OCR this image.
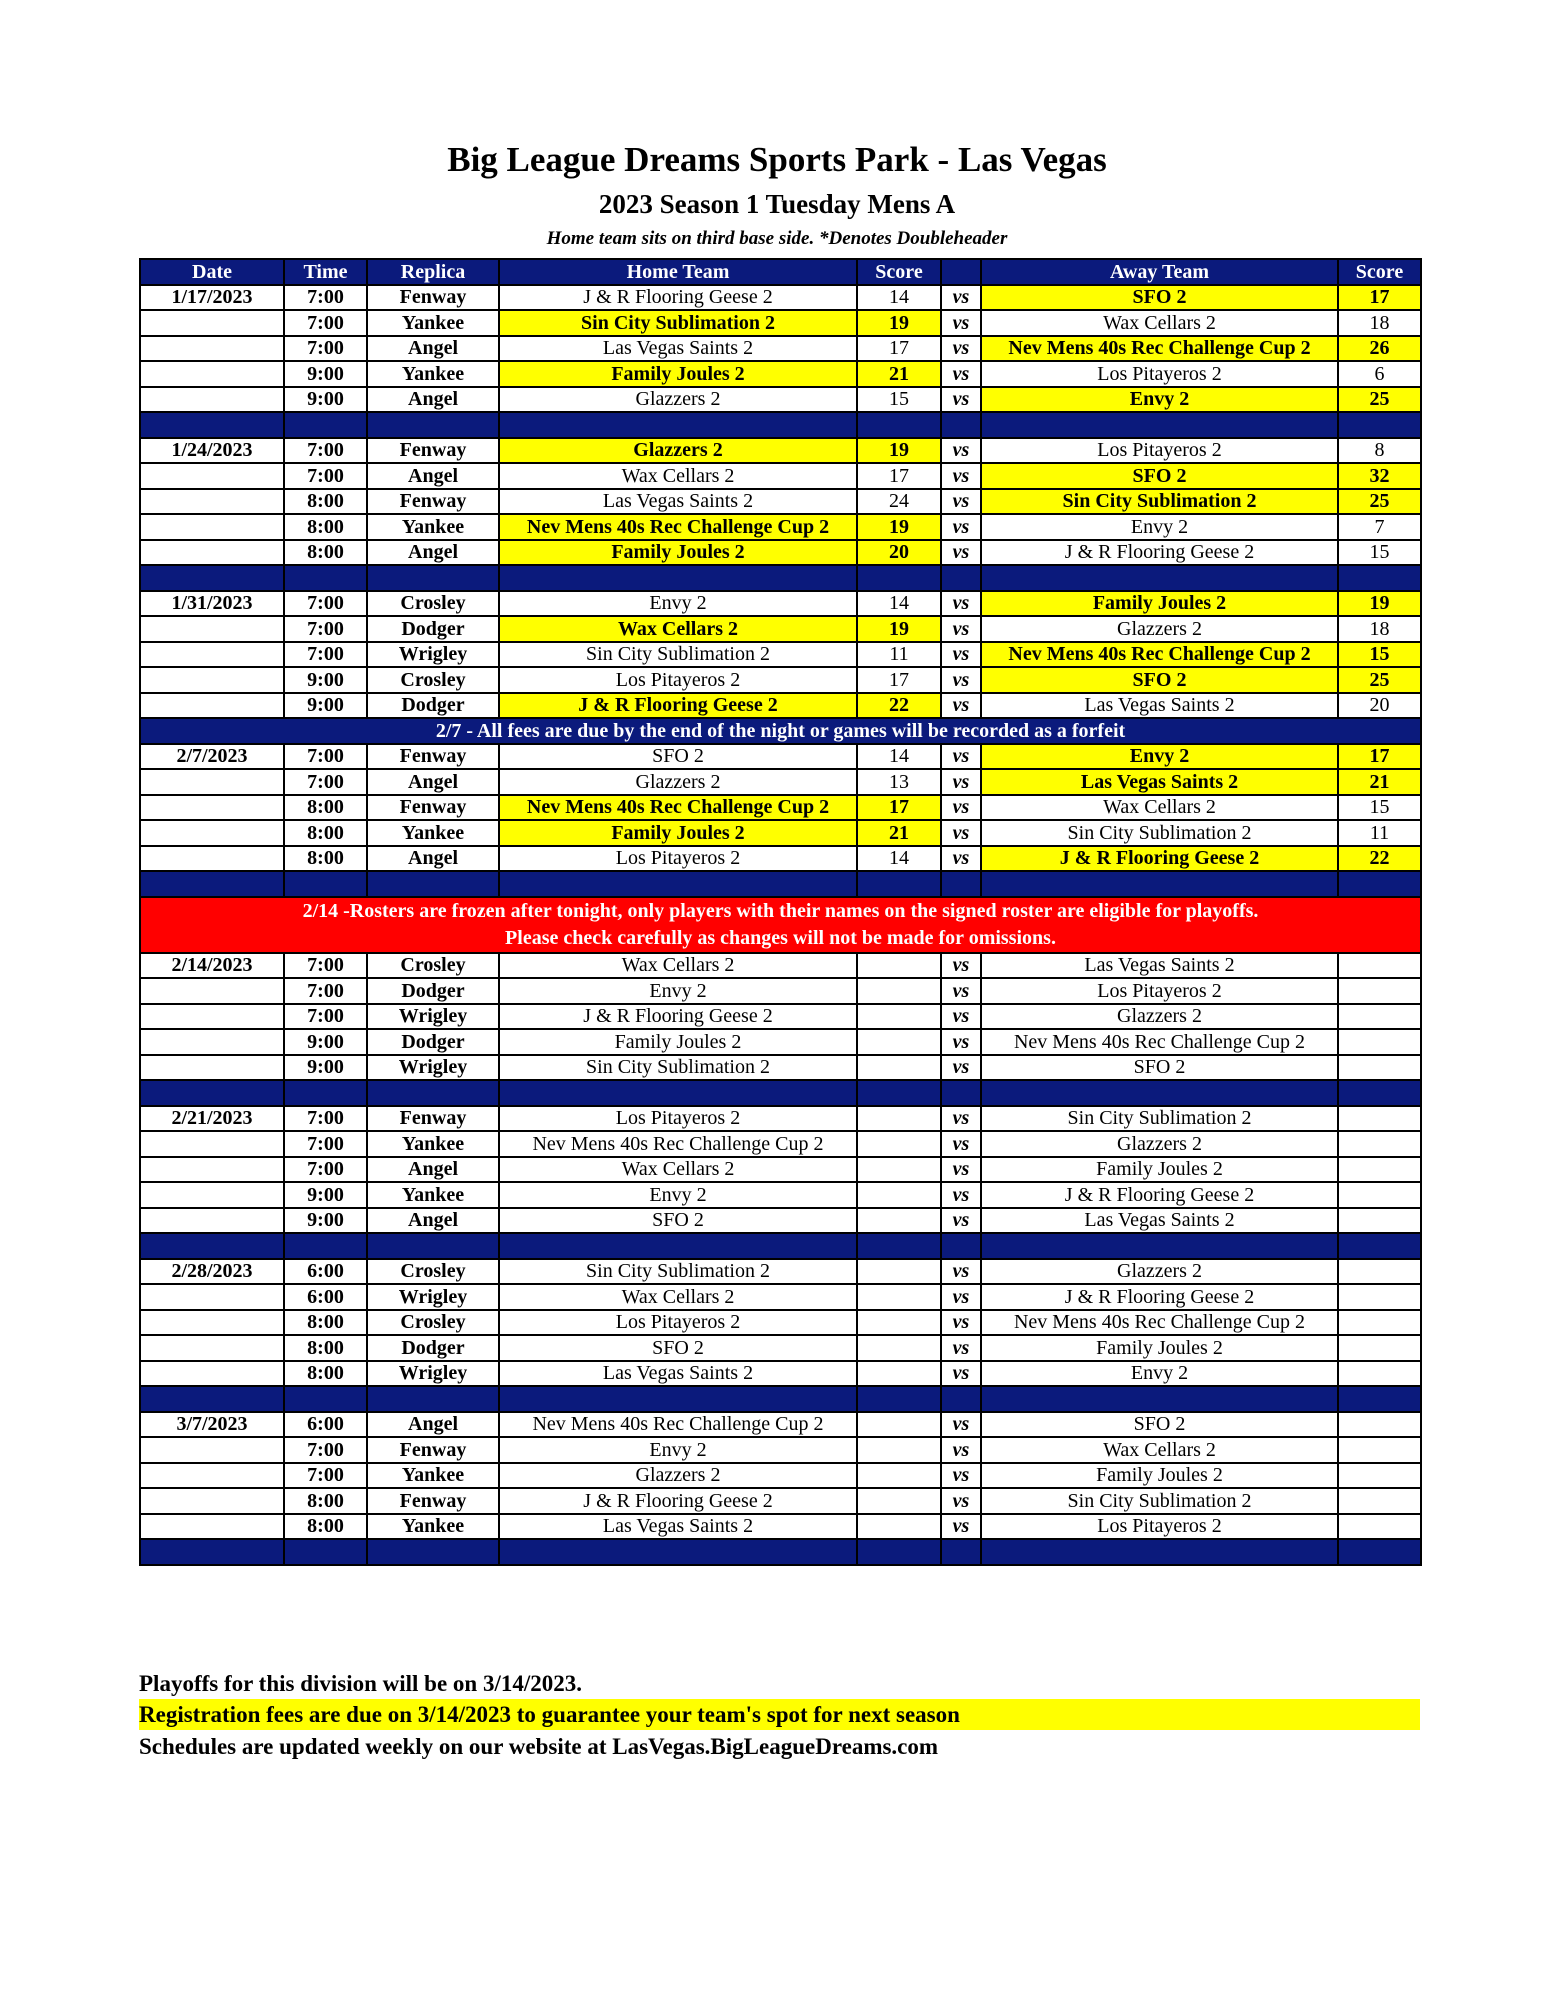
Big League Dreams Sports Park - Las Vegas
2023 Season 1 Tuesday Mens A
Home team sits on third base side. *Denotes Doubleheader
Date	Time	Replica	Home Team	Score		Away Team	Score
1/17/2023	7:00	Fenway	J & R Flooring Geese 2	14	vs	SFO 2	17
	7:00	Yankee	Sin City Sublimation 2	19	vs	Wax Cellars 2	18
	7:00	Angel	Las Vegas Saints 2	17	vs	Nev Mens 40s Rec Challenge Cup 2	26
	9:00	Yankee	Family Joules 2	21	vs	Los Pitayeros 2	6
	9:00	Angel	Glazzers 2	15	vs	Envy 2	25

1/24/2023	7:00	Fenway	Glazzers 2	19	vs	Los Pitayeros 2	8
	7:00	Angel	Wax Cellars 2	17	vs	SFO 2	32
	8:00	Fenway	Las Vegas Saints 2	24	vs	Sin City Sublimation 2	25
	8:00	Yankee	Nev Mens 40s Rec Challenge Cup 2	19	vs	Envy 2	7
	8:00	Angel	Family Joules 2	20	vs	J & R Flooring Geese 2	15

1/31/2023	7:00	Crosley	Envy 2	14	vs	Family Joules 2	19
	7:00	Dodger	Wax Cellars 2	19	vs	Glazzers 2	18
	7:00	Wrigley	Sin City Sublimation 2	11	vs	Nev Mens 40s Rec Challenge Cup 2	15
	9:00	Crosley	Los Pitayeros 2	17	vs	SFO 2	25
	9:00	Dodger	J & R Flooring Geese 2	22	vs	Las Vegas Saints 2	20
2/7 - All fees are due by the end of the night or games will be recorded as a forfeit							
2/7/2023	7:00	Fenway	SFO 2	14	vs	Envy 2	17
	7:00	Angel	Glazzers 2	13	vs	Las Vegas Saints 2	21
	8:00	Fenway	Nev Mens 40s Rec Challenge Cup 2	17	vs	Wax Cellars 2	15
	8:00	Yankee	Family Joules 2	21	vs	Sin City Sublimation 2	11
	8:00	Angel	Los Pitayeros 2	14	vs	J & R Flooring Geese 2	22

2/14 -Rosters are frozen after tonight, only players with their names on the signed roster are eligible for playoffs.
Please check carefully as changes will not be made for omissions.							

2/14/2023	7:00	Crosley	Wax Cellars 2		vs	Las Vegas Saints 2	
	7:00	Dodger	Envy 2		vs	Los Pitayeros 2	
	7:00	Wrigley	J & R Flooring Geese 2		vs	Glazzers 2	
	9:00	Dodger	Family Joules 2		vs	Nev Mens 40s Rec Challenge Cup 2	
	9:00	Wrigley	Sin City Sublimation 2		vs	SFO 2	

2/21/2023	7:00	Fenway	Los Pitayeros 2		vs	Sin City Sublimation 2	
	7:00	Yankee	Nev Mens 40s Rec Challenge Cup 2		vs	Glazzers 2	
	7:00	Angel	Wax Cellars 2		vs	Family Joules 2	
	9:00	Yankee	Envy 2		vs	J & R Flooring Geese 2	
	9:00	Angel	SFO 2		vs	Las Vegas Saints 2	

2/28/2023	6:00	Crosley	Sin City Sublimation 2		vs	Glazzers 2	
	6:00	Wrigley	Wax Cellars 2		vs	J & R Flooring Geese 2	
	8:00	Crosley	Los Pitayeros 2		vs	Nev Mens 40s Rec Challenge Cup 2	
	8:00	Dodger	SFO 2		vs	Family Joules 2	
	8:00	Wrigley	Las Vegas Saints 2		vs	Envy 2	

3/7/2023	6:00	Angel	Nev Mens 40s Rec Challenge Cup 2		vs	SFO 2	
	7:00	Fenway	Envy 2		vs	Wax Cellars 2	
	7:00	Yankee	Glazzers 2		vs	Family Joules 2	
	8:00	Fenway	J & R Flooring Geese 2		vs	Sin City Sublimation 2	
	8:00	Yankee	Las Vegas Saints 2		vs	Los Pitayeros 2	

Playoffs for this division will be on 3/14/2023.
Registration fees are due on 3/14/2023 to guarantee your team's spot for next season
Schedules are updated weekly on our website at LasVegas.BigLeagueDreams.com
